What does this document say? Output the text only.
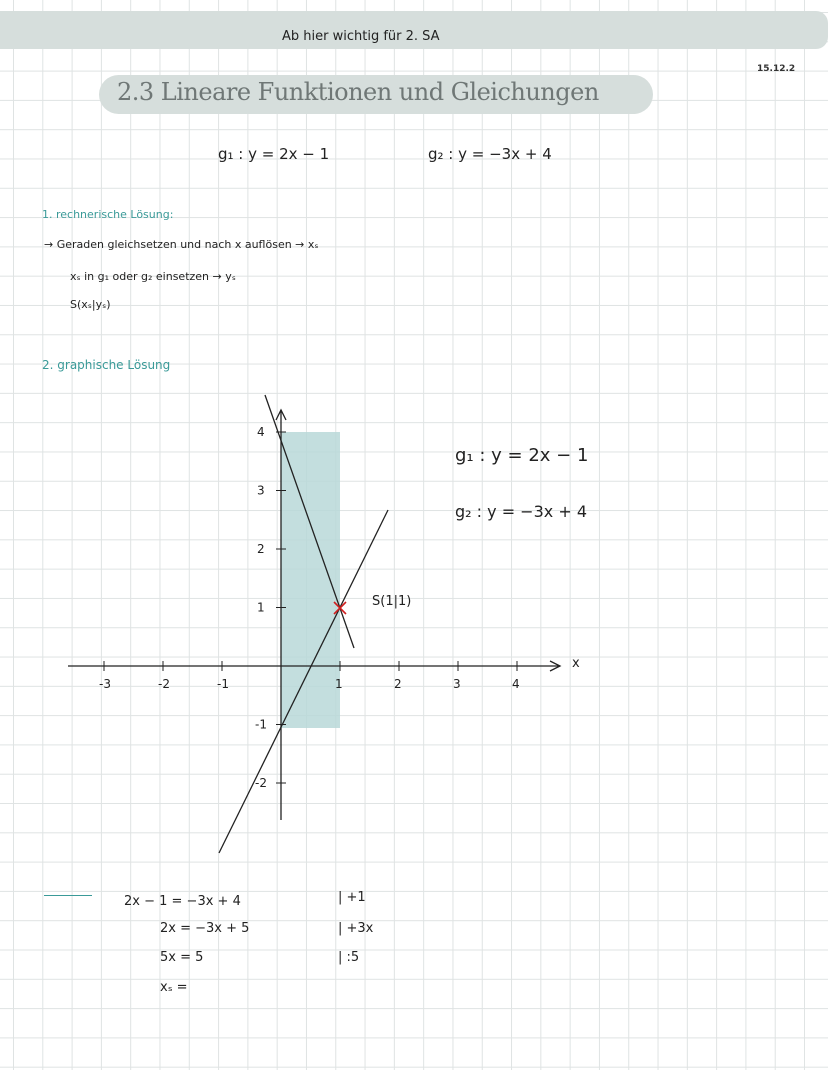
Ab hier wichtig für 2. SA
15.12.2
2.3 Lineare Funktionen und Gleichungen
g₁ : y = 2x − 1	g₂ : y = −3x + 4
1. rechnerische Lösung:
→ Geraden gleichsetzen und nach x auflösen → xₛ
xₛ in g₁ oder g₂ einsetzen → yₛ
S(xₛ|yₛ)
2. graphische Lösung
-3	-2	-1	1	2	3	4
4
3
2
1
-1
-2
S(1|1)
x
g₁ : y = 2x − 1
g₂ : y = −3x + 4
2x − 1 = −3x + 4	| +1
2x = −3x + 5	| +3x
5x = 5	| :5
xₛ =
